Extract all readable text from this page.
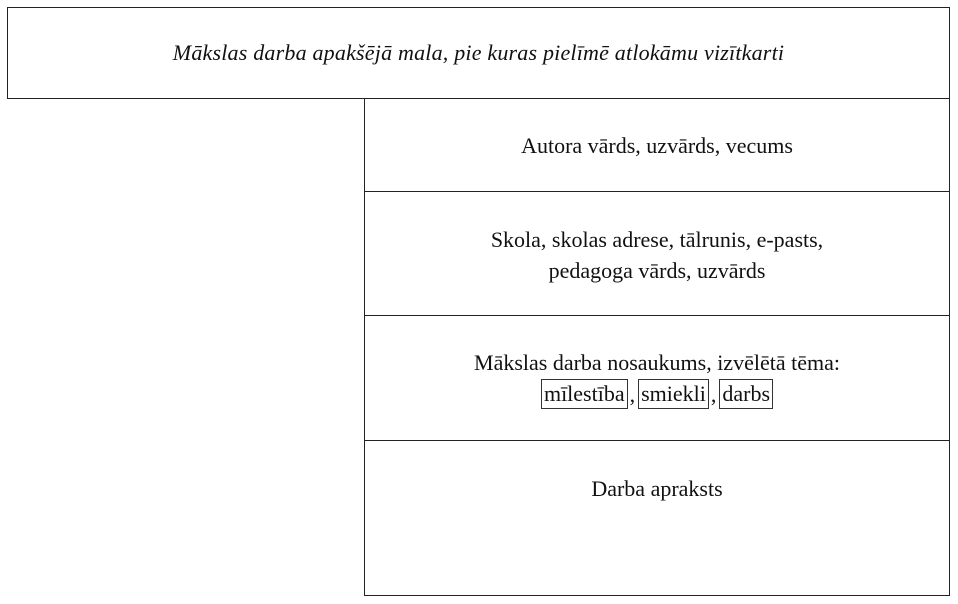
Mākslas darba apakšējā mala, pie kuras pielīmē atlokāmu vizītkarti
Autora vārds, uzvārds, vecums
Skola, skolas adrese, tālrunis, e-pasts,
pedagoga vārds, uzvārds
Mākslas darba nosaukums, izvēlētā tēma:
mīlestība , smiekli , darbs
Darba apraksts
